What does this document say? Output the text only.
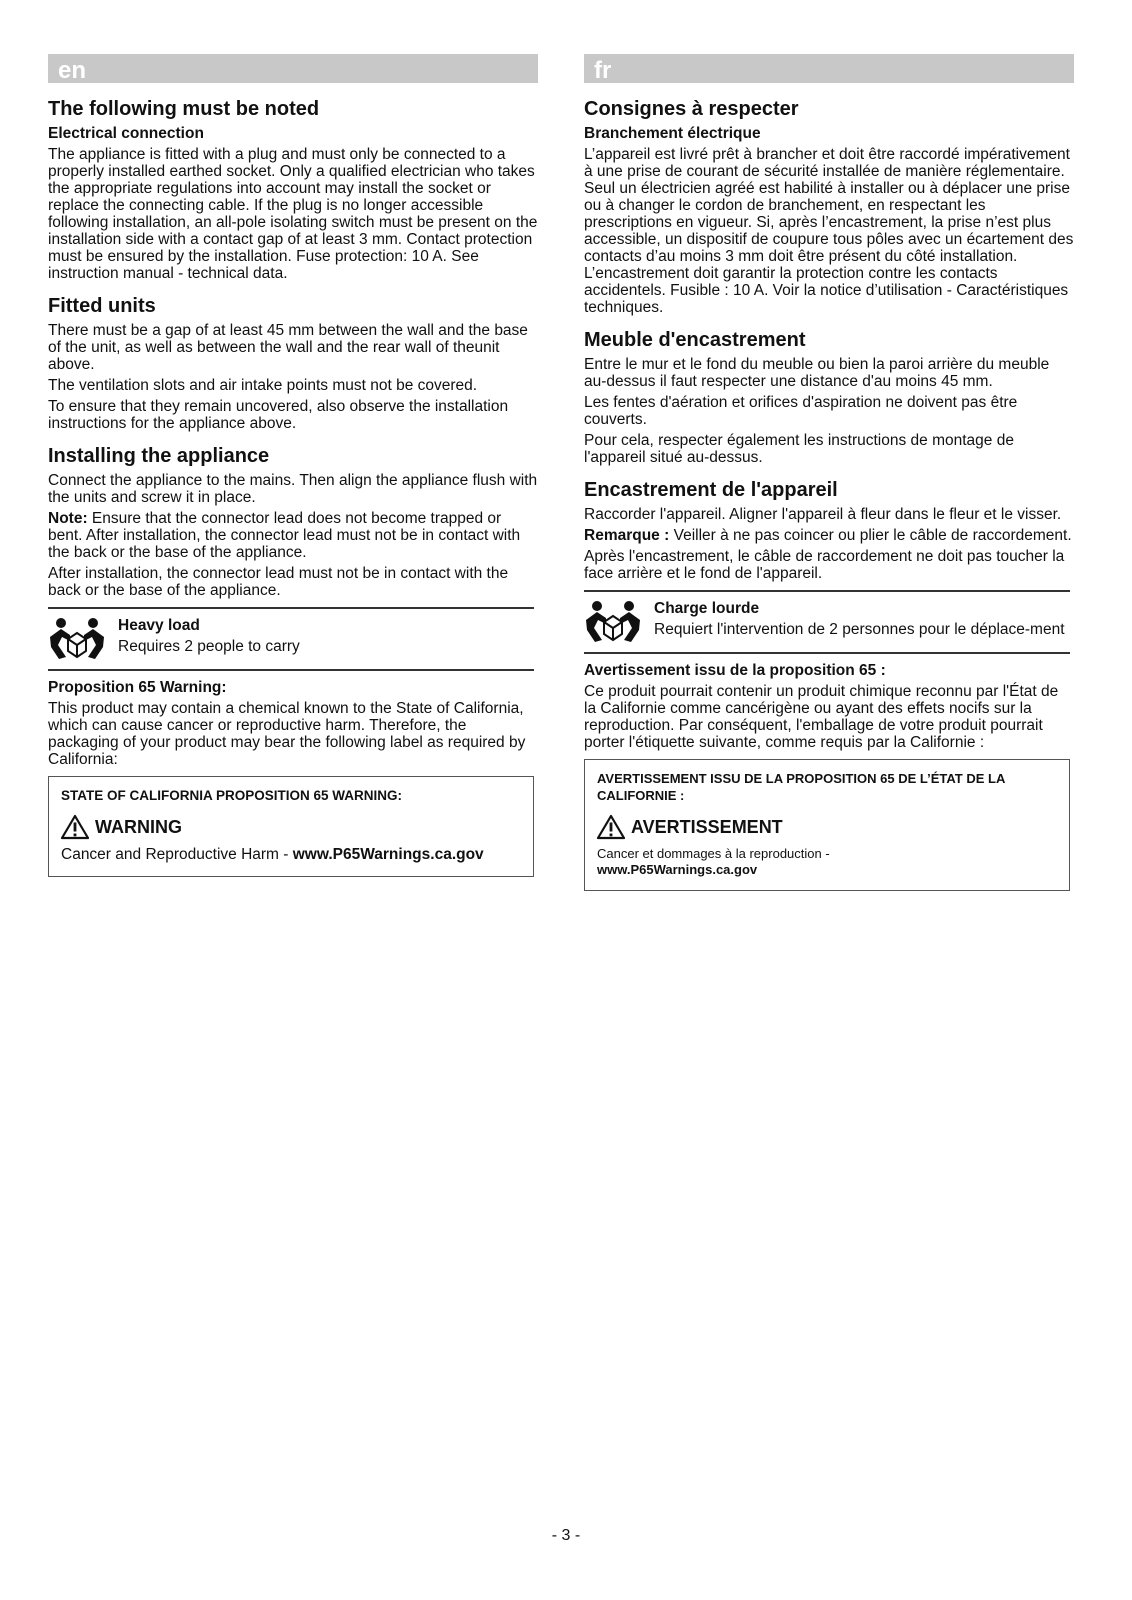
en
The following must be noted
Electrical connection

The appliance is fitted with a plug and must only be connected to a properly installed earthed socket. Only a qualified electrician who takes the appropriate regulations into account may install the socket or replace the connecting cable. If the plug is no longer accessible following installation, an all-pole isolating switch must be present on the installation side with a contact gap of at least 3 mm. Contact protection must be ensured by the installation. Fuse protection: 10 A. See instruction manual - technical data.

Fitted units

There must be a gap of at least 45 mm between the wall and the base of the unit, as well as between the wall and the rear wall of theunit above.

The ventilation slots and air intake points must not be covered.

To ensure that they remain uncovered, also observe the installation instructions for the appliance above.

Installing the appliance

Connect the appliance to the mains. Then align the appliance flush with the units and screw it in place.

Note: Ensure that the connector lead does not become trapped or bent. After installation, the connector lead must not be in contact with the back or the base of the appliance.

After installation, the connector lead must not be in contact with the back or the base of the appliance.

Heavy load
Requires 2 people to carry
Proposition 65 Warning:

This product may contain a chemical known to the State of California, which can cause cancer or reproductive harm. Therefore, the packaging of your product may bear the following label as required by California:

STATE OF CALIFORNIA PROPOSITION 65 WARNING:
WARNING
Cancer and Reproductive Harm - www.P65Warnings.ca.gov
fr
Consignes à respecter
Branchement électrique

L’appareil est livré prêt à brancher et doit être raccordé impérativement à une prise de courant de sécurité installée de manière réglementaire. Seul un électricien agréé est habilité à installer ou à déplacer une prise ou à changer le cordon de branchement, en respectant les prescriptions en vigueur. Si, après l’encastrement, la prise n’est plus accessible, un dispositif de coupure tous pôles avec un écartement des contacts d’au moins 3 mm doit être présent du côté installation. L’encastrement doit garantir la protection contre les contacts accidentels. Fusible : 10 A. Voir la notice d’utilisation - Caractéristiques techniques.

Meuble d'encastrement

Entre le mur et le fond du meuble ou bien la paroi arrière du meuble au-dessus il faut respecter une distance d'au moins 45 mm.

Les fentes d'aération et orifices d'aspiration ne doivent pas être couverts.

Pour cela, respecter également les instructions de montage de l'appareil situé au-dessus.

Encastrement de l'appareil

Raccorder l'appareil. Aligner l'appareil à fleur dans le fleur et le visser.

Remarque : Veiller à ne pas coincer ou plier le câble de raccordement.

Après l'encastrement, le câble de raccordement ne doit pas toucher la face arrière et le fond de l'appareil.

Charge lourde
Requiert l'intervention de 2 personnes pour le déplace-ment
Avertissement issu de la proposition 65 :

Ce produit pourrait contenir un produit chimique reconnu par l'État de la Californie comme cancérigène ou ayant des effets nocifs sur la reproduction. Par conséquent, l'emballage de votre produit pourrait porter l'étiquette suivante, comme requis par la Californie :

AVERTISSEMENT ISSU DE LA PROPOSITION 65 DE L’ÉTAT DE LA CALIFORNIE :
AVERTISSEMENT
Cancer et dommages à la reproduction -
www.P65Warnings.ca.gov
- 3 -
